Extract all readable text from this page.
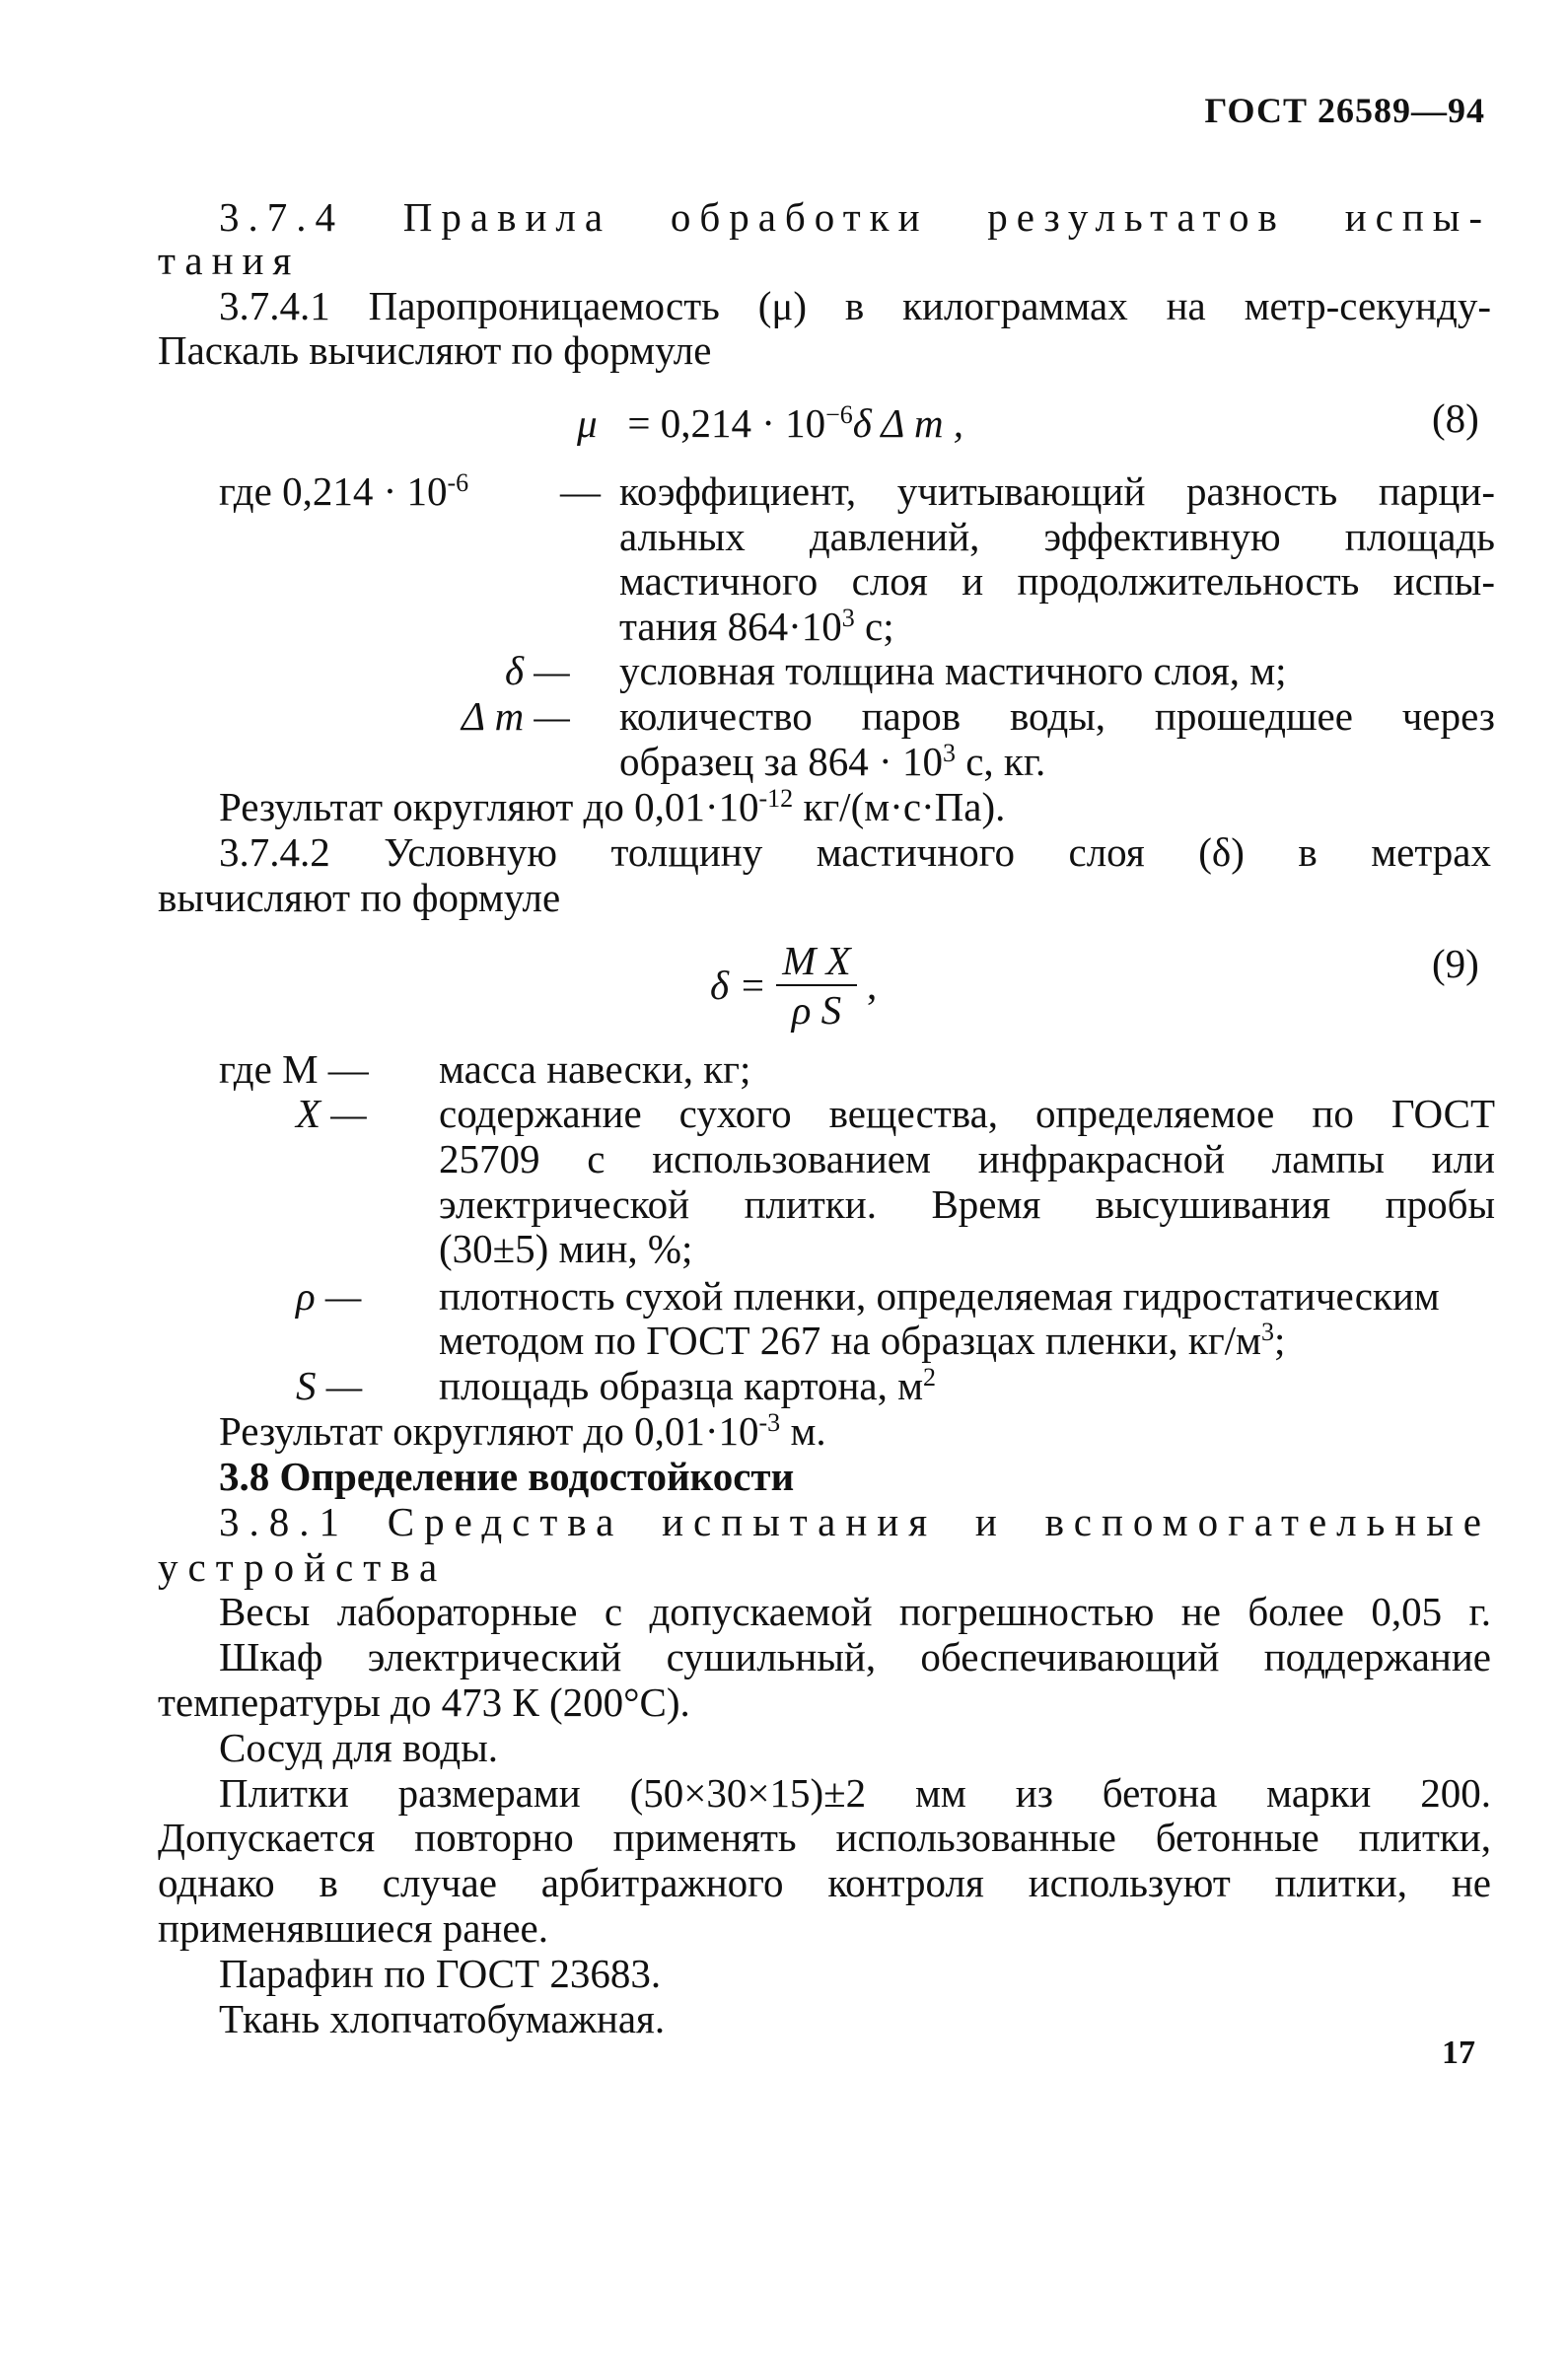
ГОСТ 26589—94
17
3.7.4 Правила обработки результатов испы-
тания
3.7.4.1 Паропроницаемость (μ) в килограммах на метр-секунду-
Паскаль вычисляют по формуле
$\mu = 0,214 \cdot 10^{-6}\delta$ Δ m ,	(8)
где $0,214 \cdot 10^{-6}$ — коэффициент, учитывающий разность парци-
альных давлений, эффективную площадь
мастичного слоя и продолжительность испы-
тания $864\cdot 10^3$ с;
δ — условная толщина мастичного слоя, м;
Δ m — количество паров воды, прошедшее через
образец за $864 \cdot 10^3$ с, кг.
Результат округляют до $0,01\cdot 10^{-12}$ кг/(м·с·Па).
3.7.4.2 Условную толщину мастичного слоя (δ) в метрах
вычисляют по формуле
$\delta = \frac{\text{M X}}{\text{ρ S}}$ ,	(9)
где M — масса навески, кг;
X — содержание сухого вещества, определяемое по ГОСТ
25709 с использованием инфракрасной лампы или
электрической плитки. Время высушивания пробы
(30±5) мин, %;
ρ — плотность сухой пленки, определяемая гидростатическим
методом по ГОСТ 267 на образцах пленки, $кг/м^3$;
S — площадь образца картона, $м^2$
Результат округляют до $0,01\cdot 10^{-3}$ м.
3.8 Определение водостойкости
3.8.1 Средства испытания и вспомогательные
устройства
Весы лабораторные с допускаемой погрешностью не более 0,05 г.
Шкаф электрический сушильный, обеспечивающий поддержание
температуры до 473 К (200°С).
Сосуд для воды.
Плитки размерами (50×30×15)±2 мм из бетона марки 200.
Допускается повторно применять использованные бетонные плитки,
однако в случае арбитражного контроля используют плитки, не
применявшиеся ранее.
Парафин по ГОСТ 23683.
Ткань хлопчатобумажная.
